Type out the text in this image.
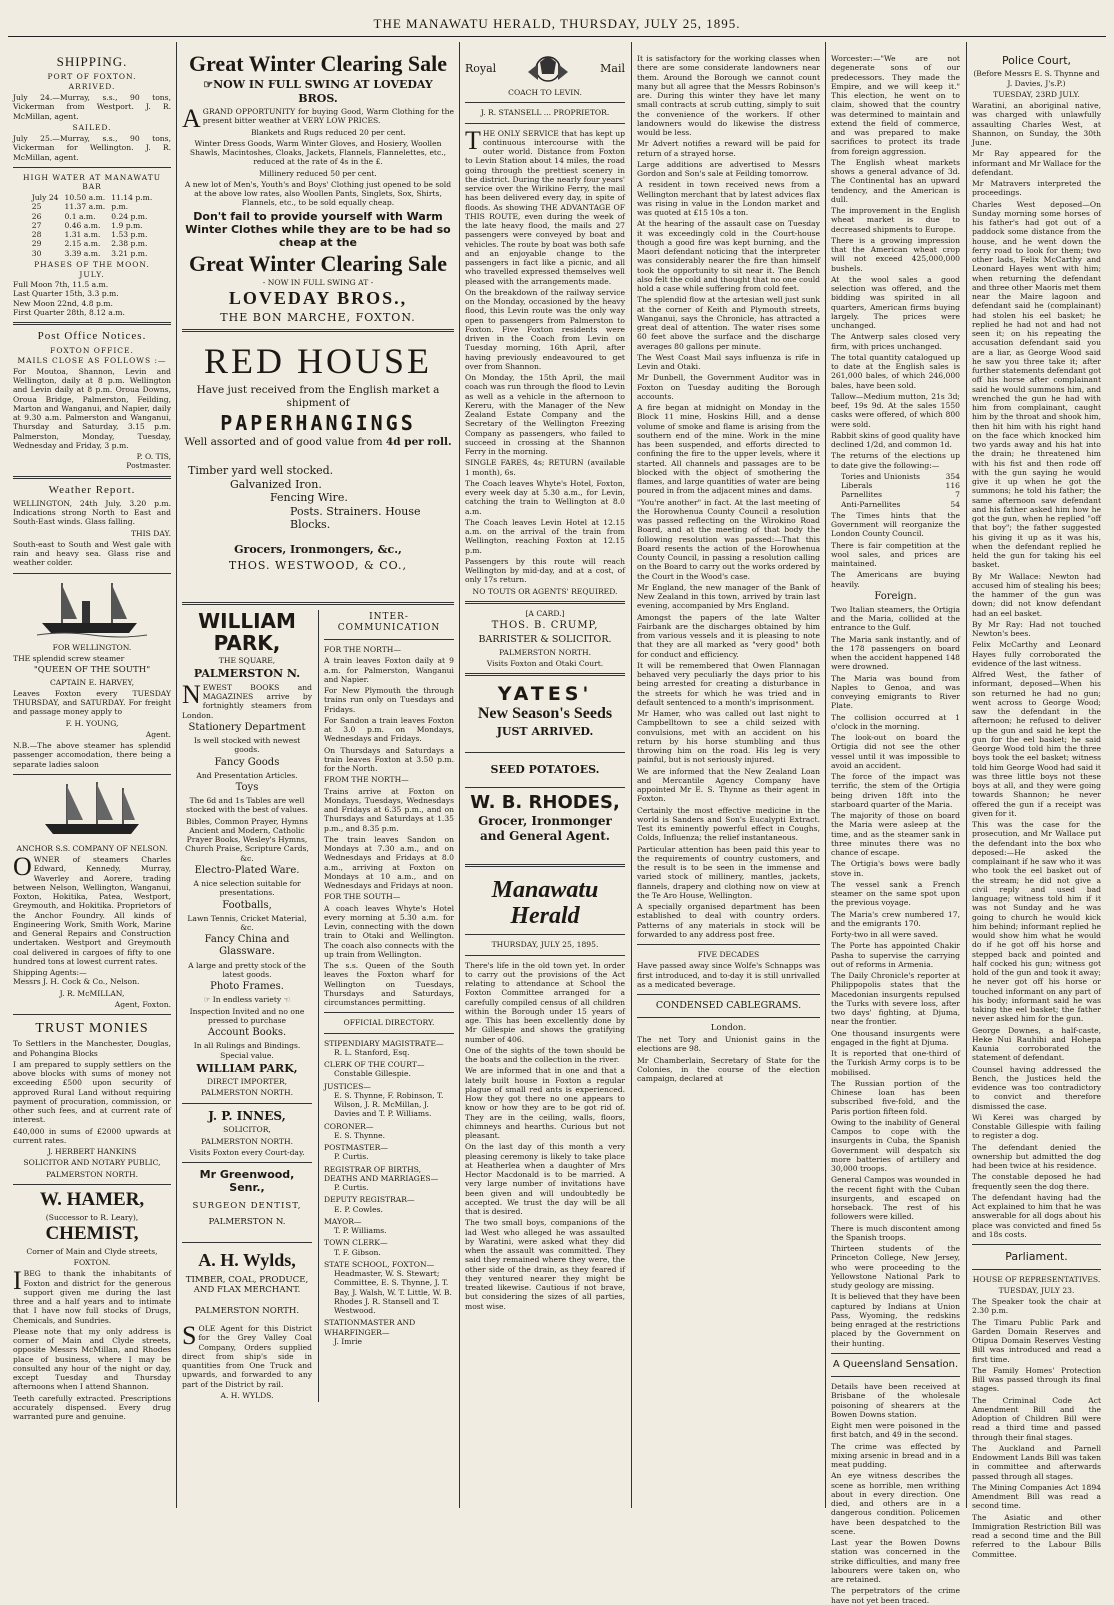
THE MANAWATU HERALD, THURSDAY, JULY 25, 1895.
SHIPPING.
PORT OF FOXTON.
ARRIVED.
July 24.—Murray, s.s., 90 tons, Vickerman from Westport. J. R. McMillan, agent.
SAILED.
July 25.—Murray, s.s., 90 tons, Vickerman for Wellington. J. R. McMillan, agent.
HIGH WATER AT MANAWATU BAR
July 24	10.50 a.m.	11.14 p.m.
25	11.37 a.m.	p.m.
26	0.1 a.m.	0.24 p.m.
27	0.46 a.m.	1.9 p.m.
28	1.31 a.m.	1.53 p.m.
29	2.15 a.m.	2.38 p.m.
30	3.39 a.m.	3.21 p.m.
PHASES OF THE MOON.
JULY.
Full Moon 7th, 11.5 a.m.
Last Quarter 15th, 3.3 p.m.
New Moon 22nd, 4.8 p.m.
First Quarter 28th, 8.12 a.m.
Post Office Notices.
FOXTON OFFICE.
MAILS CLOSE AS FOLLOWS :—
For Moutoa, Shannon, Levin and Wellington, daily at 8 p.m. Wellington and Levin daily at 8 p.m. Oroua Downs, Oroua Bridge, Palmerston, Feilding, Marton and Wanganui, and Napier, daily at 9.30 a.m. Palmerston and Wanganui, Thursday and Saturday, 3.15 p.m. Palmerston, Monday, Tuesday, Wednesday and Friday, 3 p.m.
P. O. TIS,
Postmaster.
Weather Report.
WELLINGTON, 24th July, 3.20 p.m. Indications strong North to East and South-East winds. Glass falling.
THIS DAY.
South-east to South and West gale with rain and heavy sea. Glass rise and weather colder.
FOR WELLINGTON.
THE splendid screw steamer
"QUEEN OF THE SOUTH"
CAPTAIN E. HARVEY,
Leaves Foxton every TUESDAY THURSDAY, and SATURDAY. For freight and passage money apply to
F. H. YOUNG,
Agent.
N.B.—The above steamer has splendid passenger accomodation, there being a separate ladies saloon
ANCHOR S.S. COMPANY OF NELSON.
OWNER of steamers Charles Edward, Kennedy, Murray, Waverley and Aorere, trading between Nelson, Wellington, Wanganui, Foxton, Hokitika, Patea, Westport, Greymouth, and Hokitika. Proprietors of the Anchor Foundry. All kinds of Engineering Work, Smith Work, Marine and General Repairs and Construction undertaken. Westport and Greymouth coal delivered in cargoes of fifty to one hundred tons at lowest current rates.
Shipping Agents:—
Messrs J. H. Cock & Co., Nelson.
J. R. McMILLAN,
Agent, Foxton.
TRUST MONIES
To Settlers in the Manchester, Douglas, and Pohangina Blocks
I am prepared to supply settlers on the above blocks with sums of money not exceeding £500 upon security of approved Rural Land without requiring payment of procuration, commission, or other such fees, and at current rate of interest.
£40,000 in sums of £2000 upwards at current rates.
J. HERBERT HANKINS
SOLICITOR AND NOTARY PUBLIC,
PALMERSTON NORTH.
W. HAMER,
(Successor to R. Leary),
CHEMIST,
Corner of Main and Clyde streets,
FOXTON.
IBEG to thank the inhabitants of Foxton and district for the generous support given me during the last three and a half years and to intimate that I have now full stocks of Drugs, Chemicals, and Sundries.
Please note that my only address is corner of Main and Clyde streets, opposite Messrs McMillan, and Rhodes place of business, where I may be consulted any hour of the night or day, except Tuesday and Thursday afternoons when I attend Shannon.
Teeth carefully extracted. Prescriptions accurately dispensed. Every drug warranted pure and genuine.
Great Winter Clearing Sale
☞NOW IN FULL SWING AT LOVEDAY BROS.
AGRAND OPPORTUNITY for buying Good, Warm Clothing for the present bitter weather at VERY LOW PRICES.
Blankets and Rugs reduced 20 per cent.
Winter Dress Goods, Warm Winter Gloves, and Hosiery, Woollen Shawls, Macintoshes, Cloaks, Jackets, Flannels, Flannelettes, etc., reduced at the rate of 4s in the £.
Millinery reduced 50 per cent.
A new lot of Men's, Youth's and Boys' Clothing just opened to be sold at the above low rates, also Woollen Pants, Singlets, Sox, Shirts, Flannels, etc., to be sold equally cheap.
Don't fail to provide yourself with Warm Winter Clothes while they are to be had so cheap at the
Great Winter Clearing Sale
- NOW IN FULL SWING AT -
LOVEDAY BROS.,
THE BON MARCHE, FOXTON.
RED HOUSE
Have just received from the English market a shipment of
PAPERHANGINGS
Well assorted and of good value from 4d per roll.
Timber yard well stocked.
Galvanized Iron.
Fencing Wire.
Posts. Strainers. House Blocks.
Grocers, Ironmongers, &c.,
THOS. WESTWOOD, & CO.,
WILLIAM PARK,
THE SQUARE,
PALMERSTON N.
NEWEST BOOKS and MAGAZINES arrive by fortnightly steamers from London.
Stationery Department
Is well stocked with newest goods.
Fancy Goods
And Presentation Articles.
Toys
The 6d and 1s Tables are well stocked with the best of values.
Bibles, Common Prayer, Hymns Ancient and Modern, Catholic Prayer Books, Wesley's Hymns, Church Praise, Scripture Cards, &c.
Electro-Plated Ware.
A nice selection suitable for presentations.
Footballs,
Lawn Tennis, Cricket Material, &c.
Fancy China and Glassware.
A large and pretty stock of the latest goods.
Photo Frames.
☞ In endless variety ☜
Inspection Invited and no one pressed to purchase
Account Books.
In all Rulings and Bindings. Special value.
WILLIAM PARK,
DIRECT IMPORTER,
PALMERSTON NORTH.
J. P. INNES,
SOLICITOR,
PALMERSTON NORTH.
Visits Foxton every Court-day.
Mr Greenwood, Senr.,
SURGEON DENTIST,
PALMERSTON N.
A. H. Wylds,
TIMBER, COAL, PRODUCE, AND FLAX MERCHANT.
PALMERSTON NORTH.
SOLE Agent for this District for the Grey Valley Coal Company, Orders supplied direct from ship's side in quantities from One Truck and upwards, and forwarded to any part of the District by rail.
A. H. WYLDS.
INTER-COMMUNICATION
FOR THE NORTH—
A train leaves Foxton daily at 9 a.m. for Palmerston, Wanganui and Napier.
For New Plymouth the through trains run only on Tuesdays and Fridays.
For Sandon a train leaves Foxton at 3.0 p.m. on Mondays, Wednesdays and Fridays.
On Thursdays and Saturdays a train leaves Foxton at 3.50 p.m. for the North.
FROM THE NORTH—
Trains arrive at Foxton on Mondays, Tuesdays, Wednesdays and Fridays at 6.35 p.m., and on Thursdays and Saturdays at 1.35 p.m., and 8.35 p.m.
The train leaves Sandon on Mondays at 7.30 a.m., and on Wednesdays and Fridays at 8.0 a.m., arriving at Foxton on Mondays at 10 a.m., and on Wednesdays and Fridays at noon.
FOR THE SOUTH—
A coach leaves Whyte's Hotel every morning at 5.30 a.m. for Levin, connecting with the down train to Otaki and Wellington. The coach also connects with the up train from Wellington.
The s.s. Queen of the South leaves the Foxton wharf for Wellington on Tuesdays, Thursdays and Saturdays, circumstances permitting.
OFFICIAL DIRECTORY.
STIPENDIARY MAGISTRATE—
R. L. Stanford, Esq.
CLERK OF THE COURT—
Constable Gillespie.
JUSTICES—
E. S. Thynne, F. Robinson, T. Wilson, J. R. McMillan, J. Davies and T. P. Williams.
CORONER—
E. S. Thynne.
POSTMASTER—
P. Curtis.
REGISTRAR OF BIRTHS, DEATHS AND MARRIAGES—
P. Curtis.
DEPUTY REGISTRAR—
E. P. Cowles.
MAYOR—
T. P. Williams.
TOWN CLERK—
T. F. Gibson.
STATE SCHOOL, FOXTON—
Headmaster, W. S. Stewart; Committee, E. S. Thynne, J. T. Bay, J. Walsh, W. T. Little, W. B. Rhodes J. R. Stansell and T. Westwood.
STATIONMASTER AND WHARFINGER—
J. Imrie
Royal	Mail
COACH TO LEVIN.
J. R. STANSELL ... PROPRIETOR.
THE ONLY SERVICE that has kept up continuous intercourse with the outer world. Distance from Foxton to Levin Station about 14 miles, the road going through the prettiest scenery in the district. During the nearly four years' service over the Wirikino Ferry, the mail has been delivered every day, in spite of floods. As showing THE ADVANTAGE OF THIS ROUTE, even during the week of the late heavy flood, the mails and 27 passengers were conveyed by boat and vehicles. The route by boat was both safe and an enjoyable change to the passengers in fact like a picnic, and all who travelled expressed themselves well pleased with the arrangements made.
On the breakdown of the railway service on the Monday, occasioned by the heavy flood, this Levin route was the only way open to passengers from Palmerston to Foxton. Five Foxton residents were driven in the Coach from Levin on Tuesday morning, 16th April, after having previously endeavoured to get over from Shannon.
On Monday, the 15th April, the mail coach was run through the flood to Levin as well as a vehicle in the afternoon to Kereru, with the Manager of the New Zealand Estate Company and the Secretary of the Wellington Freezing Company as passengers, who failed to succeed in crossing at the Shannon Ferry in the morning.
SINGLE FARES, 4s; RETURN (available 1 month), 6s.
The Coach leaves Whyte's Hotel, Foxton, every week day at 5.30 a.m., for Levin, catching the train to Wellington at 8.0 a.m.
The Coach leaves Levin Hotel at 12.15 a.m. on the arrival of the train from Wellington, reaching Foxton at 12.15 p.m.
Passengers by this route will reach Wellington by mid-day, and at a cost, of only 17s return.
NO TOUTS OR AGENTS' REQUIRED.
[A CARD.]
THOS. B. CRUMP,
BARRISTER & SOLICITOR.
PALMERSTON NORTH.
Visits Foxton and Otaki Court.
YATES'
New Season's Seeds
JUST ARRIVED.
SEED POTATOES.
W. B. RHODES,
Grocer, Ironmonger and General Agent.
Manawatu Herald
THURSDAY, JULY 25, 1895.
There's life in the old town yet. In order to carry out the provisions of the Act relating to attendance at School the Foxton Committee arranged for a carefully compiled census of all children within the Borough under 15 years of age. This has been excellently done by Mr Gillespie and shows the gratifying number of 406.
One of the sights of the town should be the boats and the collection in the river.
We are informed that in one and that a lately built house in Foxton a regular plague of small red ants is experienced. How they got there no one appears to know or how they are to be got rid of. They are in the ceiling, walls, floors, chimneys and hearths. Curious but not pleasant.
On the last day of this month a very pleasing ceremony is likely to take place at Heatherlea when a daughter of Mrs Hector Macdonald is to be married. A very large number of invitations have been given and will undoubtedly be accepted. We trust the day will be all that is desired.
The two small boys, companions of the lad West who alleged he was assaulted by Waratini, were asked what they did when the assault was committed. They said they remained where they were, the other side of the drain, as they feared if they ventured nearer they might be treated likewise. Cautious if not brave, but considering the sizes of all parties, most wise.
It is satisfactory for the working classes when there are some considerate landowners near them. Around the Borough we cannot count many but all agree that the Messrs Robinson's are. During this winter they have let many small contracts at scrub cutting, simply to suit the convenience of the workers. If other landowners would do likewise the distress would be less.
Mr Advert notifies a reward will be paid for return of a strayed horse.
Large additions are advertised to Messrs Gordon and Son's sale at Feilding tomorrow.
A resident in town received news from a Wellington merchant that by latest advices flax was rising in value in the London market and was quoted at £15 10s a ton.
At the hearing of the assault case on Tuesday it was exceedingly cold in the Court-house though a good fire was kept burning, and the Maori defendant noticing that the interpreter was considerably nearer the fire than himself took the opportunity to sit near it. The Bench also felt the cold and thought that no one could hold a case while suffering from cold feet.
The splendid flow at the artesian well just sunk at the corner of Keith and Plymouth streets, Wanganui, says the Chronicle, has attracted a great deal of attention. The water rises some 60 feet above the surface and the discharge averages 80 gallons per minute.
The West Coast Mail says influenza is rife in Levin and Otaki.
Mr Dunbell, the Government Auditor was in Foxton on Tuesday auditing the Borough accounts.
A fire began at midnight on Monday in the Block 11 mine, Hoskins Hill, and a dense volume of smoke and flame is arising from the southern end of the mine. Work in the mine has been suspended, and efforts directed to confining the fire to the upper levels, where it started. All channels and passages are to be blocked with the object of smothering the flames, and large quantities of water are being poured in from the adjacent mines and dams.
"You're another" in fact. At the last meeting of the Horowhenua County Council a resolution was passed reflecting on the Wirokino Road Board, and at the meeting of that body the following resolution was passed:—That this Board resents the action of the Horowhenua County Council, in passing a resolution calling on the Board to carry out the works ordered by the Court in the Wood's case.
Mr England, the new manager of the Bank of New Zealand in this town, arrived by train last evening, accompanied by Mrs England.
Amongst the papers of the late Walter Fairbank are the discharges obtained by him from various vessels and it is pleasing to note that they are all marked as "very good" both for conduct and efficiency.
It will be remembered that Owen Flannagan behaved very peculiarly the days prior to his being arrested for creating a disturbance in the streets for which he was tried and in default sentenced to a month's imprisonment.
Mr Hamer, who was called out last night to Campbelltown to see a child seized with convulsions, met with an accident on his return by his horse stumbling and thus throwing him on the road. His leg is very painful, but is not seriously injured.
We are informed that the New Zealand Loan and Mercantile Agency Company have appointed Mr E. S. Thynne as their agent in Foxton.
Certainly the most effective medicine in the world is Sanders and Son's Eucalypti Extract. Test its eminently powerful effect in Coughs, Colds, Influenza; the relief instantaneous.
Particular attention has been paid this year to the requirements of country customers, and the result is to be seen in the immense and varied stock of millinery, mantles, jackets, flannels, drapery and clothing now on view at the Te Aro House, Wellington.
A specially organised department has been established to deal with country orders. Patterns of any materials in stock will be forwarded to any address post free.
FIVE DECADES
Have passed away since Wolfe's Schnapps was first introduced, and to-day it is still unrivalled as a medicated beverage.
CONDENSED CABLEGRAMS.
London.
The net Tory and Unionist gains in the elections are 98.
Mr Chamberlain, Secretary of State for the Colonies, in the course of the election campaign, declared at
Worcester:—"We are not degenerate sons of our predecessors. They made the Empire, and we will keep it." This election, he went on to claim, showed that the country was determined to maintain and extend the field of commerce, and was prepared to make sacrifices to protect its trade from foreign aggression.
The English wheat markets shows a general advance of 3d. The Continental has an upward tendency, and the American is dull.
The improvement in the English wheat market is due to decreased shipments to Europe.
There is a growing impression that the American wheat crop will not exceed 425,000,000 bushels.
At the wool sales a good selection was offered, and the bidding was spirited in all quarters, American firms buying largely. The prices were unchanged.
The Antwerp sales closed very firm, with prices unchanged.
The total quantity catalogued up to date at the English sales is 261,000 bales, of which 246,000 bales, have been sold.
Tallow—Medium mutton, 21s 3d; beef, 19s 9d. At the sales 1550 casks were offered, of which 800 were sold.
Rabbit skins of good quality have declined 1/2d, and common 1d.
The returns of the elections up to date give the following:—
Tories and Unionists	354
Liberals	116
Parnellites	7
Anti-Parnellites	54
The Times hints that the Government will reorganize the London County Council.
There is fair competition at the wool sales, and prices are maintained.
The Americans are buying heavily.
Foreign.
Two Italian steamers, the Ortigia and the Maria, collided at the entrance to the Gulf.
The Maria sank instantly, and of the 178 passengers on board when the accident happened 148 were drowned.
The Maria was bound from Naples to Genoa, and was conveying emigrants to River Plate.
The collision occurred at 1 o'clock in the morning.
The look-out on board the Ortigia did not see the other vessel until it was impossible to avoid an accident.
The force of the impact was terrific, the stem of the Ortigia being driven 18ft into the starboard quarter of the Maria.
The majority of those on board the Maria were asleep at the time, and as the steamer sank in three minutes there was no chance of escape.
The Ortigia's bows were badly stove in.
The vessel sank a French steamer on the same spot upon the previous voyage.
The Maria's crew numbered 17, and the emigrants 170.
Forty-two in all were saved.
The Porte has appointed Chakir Pasha to supervise the carrying out of reforms in Armenia.
The Daily Chronicle's reporter at Philippopolis states that the Macedonian insurgents repulsed the Turks with severe loss, after two days' fighting, at Djuma, near the frontier.
One thousand insurgents were engaged in the fight at Djuma.
It is reported that one-third of the Turkish Army corps is to be mobilised.
The Russian portion of the Chinese loan has been subscribed five-fold, and the Paris portion fifteen fold.
Owing to the inability of General Campos to cope with the insurgents in Cuba, the Spanish Government will despatch six more batteries of artillery and 30,000 troops.
General Campos was wounded in the recent fight with the Cuban insurgents, and escaped on horseback. The rest of his followers were killed.
There is much discontent among the Spanish troops.
Thirteen students of the Princeton College, New Jersey, who were proceeding to the Yellowstone National Park to study geology are missing.
It is believed that they have been captured by Indians at Union Pass, Wyoming, the redskins being enraged at the restrictions placed by the Government on their hunting.
A Queensland Sensation.
Details have been received at Brisbane of the wholesale poisoning of shearers at the Bowen Downs station.
Eight men were poisoned in the first batch, and 49 in the second.
The crime was effected by mixing arsenic in bread and in a meat pudding.
An eye witness describes the scene as horrible, men writhing about in every direction. One died, and others are in a dangerous condition. Policemen have been despatched to the scene.
Last year the Bowen Downs station was concerned in the strike difficulties, and many free labourers were taken on, who are retained.
The perpetrators of the crime have not yet been traced.
Police Court,
(Before Messrs E. S. Thynne and J. Davies, J's.P.)
TUESDAY, 23RD JULY.
Waratini, an aboriginal native, was charged with unlawfully assaulting Charles West, at Shannon, on Sunday, the 30th June.
Mr Ray appeared for the informant and Mr Wallace for the defendant.
Mr Matravers interpreted the proceedings.
Charles West deposed—On Sunday morning some horses of his father's had got out of a paddock some distance from the house, and he went down the ferry road to look for them; two other lads, Felix McCarthy and Leonard Hayes went with him; when returning the defendant and three other Maoris met them near the Maire lagoon and defendant said he (complainant) had stolen his eel basket; he replied he had not and had not seen it; on his repeating the accusation defendant said you are a liar, as George Wood said he saw you three take it; after further statements defendant got off his horse after complainant said he would summons him, and wrenched the gun he had with him from complainant, caught him by the throat and shook him, then hit him with his right hand on the face which knocked him two yards away and his hat into the drain; he threatened him with his fist and then rode off with the gun saying he would give it up when he got the summons; he told his father; the same afternoon saw defendant and his father asked him how he got the gun, when he replied "off that boy"; the father suggested his giving it up as it was his, when the defendant replied he held the gun for taking his eel basket.
By Mr Wallace: Newton had accused him of stealing his bees; the hammer of the gun was down; did not know defendant had an eel basket.
By Mr Ray: Had not touched Newton's bees.
Felix McCarthy and Leonard Hayes fully corroborated the evidence of the last witness.
Alfred West, the father of informant, deposed—When his son returned he had no gun; went across to George Wood; saw the defendant in the afternoon; he refused to deliver up the gun and said he kept the gun for the eel basket; he said George Wood told him the three boys took the eel basket; witness told him George Wood had said it was three little boys not these boys at all, and they were going towards Shannon; he never offered the gun if a receipt was given for it.
This was the case for the prosecution, and Mr Wallace put the defendant into the box who deposed:—He asked the complainant if he saw who it was who took the eel basket out of the stream; he did not give a civil reply and used bad language; witness told him if it was not Sunday and he was going to church he would kick him behind; informant replied he would show him what he would do if he got off his horse and stepped back and pointed and half cocked his gun; witness got hold of the gun and took it away; he never got off his horse or touched informant on any part of his body; informant said he was taking the eel basket; the father never asked him for the gun.
George Downes, a half-caste, Heke Nui Rauhihi and Hohepa Kaunia corroborated the statement of defendant.
Counsel having addressed the Bench, the Justices held the evidence was too contradictory to convict and therefore dismissed the case.
Wi Kerei was charged by Constable Gillespie with failing to register a dog.
The defendant denied the ownership but admitted the dog had been twice at his residence.
The constable deposed he had frequently seen the dog there.
The defendant having had the Act explained to him that he was answerable for all dogs about his place was convicted and fined 5s and 18s costs.
Parliament.
HOUSE OF REPRESENTATIVES.
TUESDAY, JULY 23.
The Speaker took the chair at 2.30 p.m.
The Timaru Public Park and Garden Domain Reserves and Otipua Domain Reserves Vesting Bill was introduced and read a first time.
The Family Homes' Protection Bill was passed through its final stages.
The Criminal Code Act Amendment Bill and the Adoption of Children Bill were read a third time and passed through their final stages.
The Auckland and Parnell Endowment Lands Bill was taken in committee and afterwards passed through all stages.
The Mining Companies Act 1894 Amendment Bill was read a second time.
The Asiatic and other Immigration Restriction Bill was read a second time and the Bill referred to the Labour Bills Committee.
